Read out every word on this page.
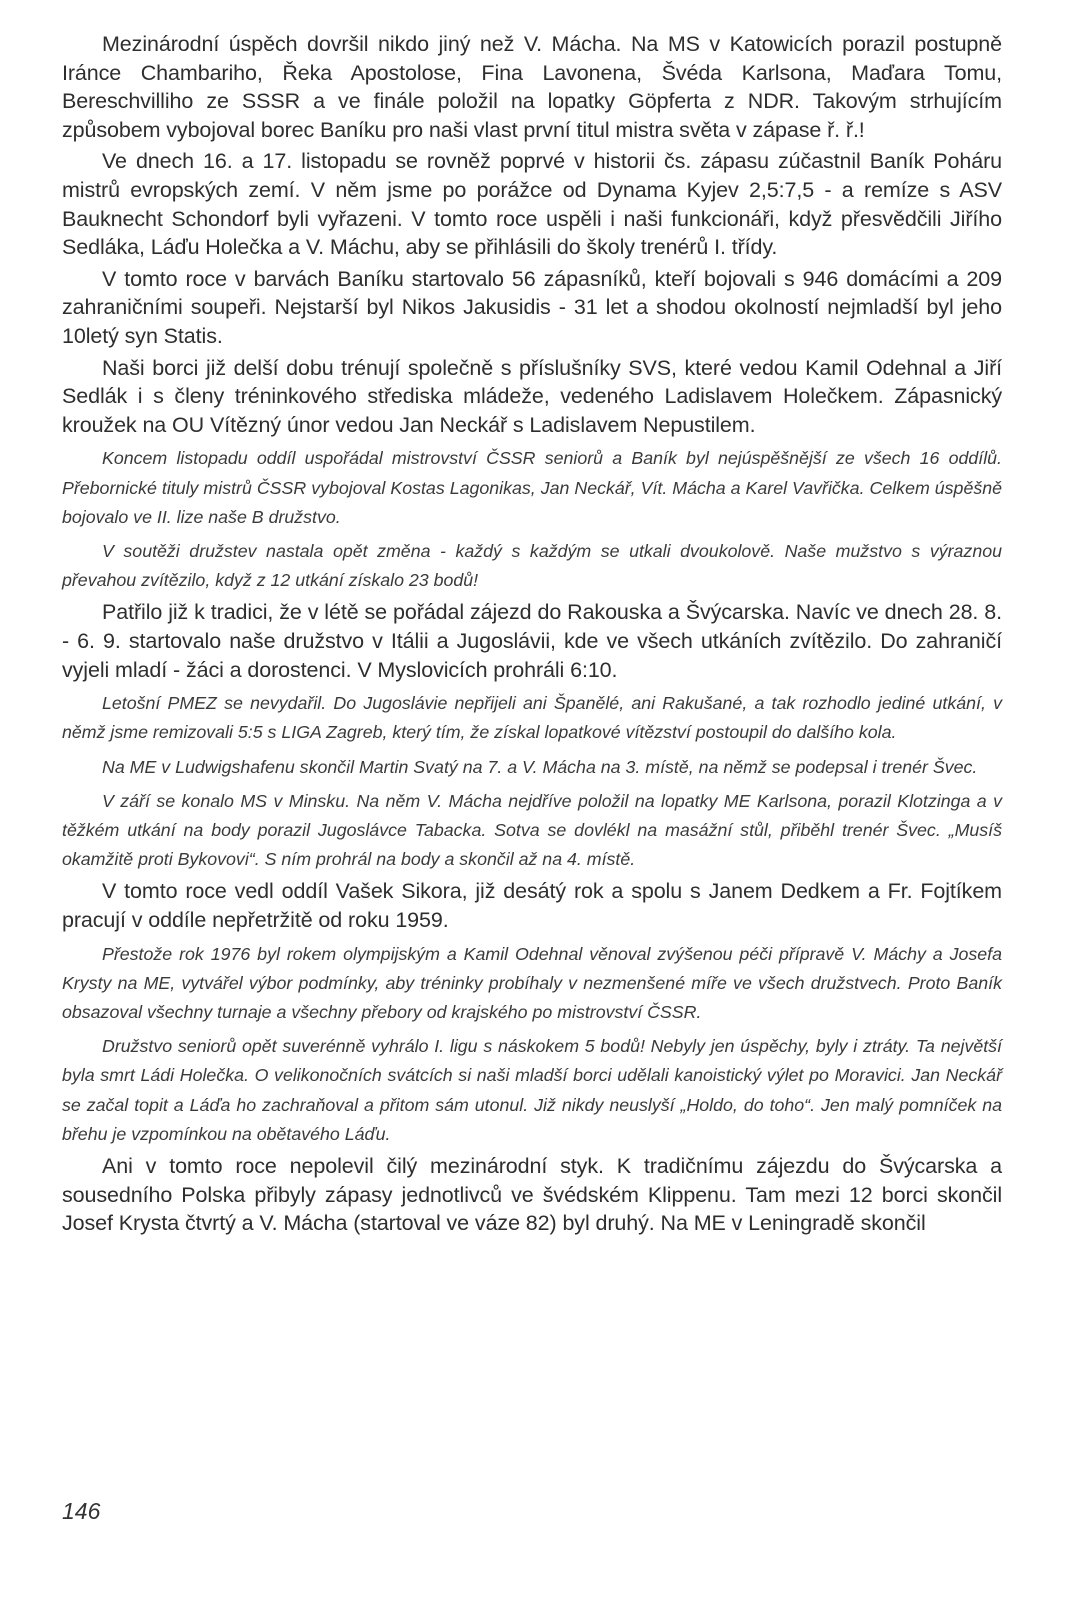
Mezinárodní úspěch dovršil nikdo jiný než V. Mácha. Na MS v Katowicích porazil postupně Iránce Chambariho, Řeka Apostolose, Fina Lavonena, Švéda Karlsona, Maďara Tomu, Bereschvilliho ze SSSR a ve finále položil na lopatky Göpferta z NDR. Takovým strhujícím způsobem vybojoval borec Baníku pro naši vlast první titul mistra světa v zápase ř. ř.!

Ve dnech 16. a 17. listopadu se rovněž poprvé v historii čs. zápasu zúčastnil Baník Poháru mistrů evropských zemí. V něm jsme po porážce od Dynama Kyjev 2,5:7,5 - a remíze s ASV Bauknecht Schondorf byli vyřazeni. V tomto roce uspěli i naši funkcionáři, když přesvědčili Jiřího Sedláka, Láďu Holečka a V. Máchu, aby se přihlásili do školy trenérů I. třídy.

V tomto roce v barvách Baníku startovalo 56 zápasníků, kteří bojovali s 946 domácími a 209 zahraničními soupeři. Nejstarší byl Nikos Jakusidis - 31 let a shodou okolností nejmladší byl jeho 10letý syn Statis.

Naši borci již delší dobu trénují společně s příslušníky SVS, které vedou Kamil Odehnal a Jiří Sedlák i s členy tréninkového střediska mládeže, vedeného Ladislavem Holečkem. Zápasnický kroužek na OU Vítězný únor vedou Jan Neckář s Ladislavem Nepustilem.

Koncem listopadu oddíl uspořádal mistrovství ČSSR seniorů a Baník byl nejúspěšnější ze všech 16 oddílů. Přebornické tituly mistrů ČSSR vybojoval Kostas Lagonikas, Jan Neckář, Vít. Mácha a Karel Vavřička. Celkem úspěšně bojovalo ve II. lize naše B družstvo.

V soutěži družstev nastala opět změna - každý s každým se utkali dvoukolově. Naše mužstvo s výraznou převahou zvítězilo, když z 12 utkání získalo 23 bodů!

Patřilo již k tradici, že v létě se pořádal zájezd do Rakouska a Švýcarska. Navíc ve dnech 28. 8. - 6. 9. startovalo naše družstvo v Itálii a Jugoslávii, kde ve všech utkáních zvítězilo. Do zahraničí vyjeli mladí - žáci a dorostenci. V Myslovicích prohráli 6:10.

Letošní PMEZ se nevydařil. Do Jugoslávie nepřijeli ani Španělé, ani Rakušané, a tak rozhodlo jediné utkání, v němž jsme remizovali 5:5 s LIGA Zagreb, který tím, že získal lopatkové vítězství postoupil do dalšího kola.

Na ME v Ludwigshafenu skončil Martin Svatý na 7. a V. Mácha na 3. místě, na němž se podepsal i trenér Švec.

V září se konalo MS v Minsku. Na něm V. Mácha nejdříve položil na lopatky ME Karlsona, porazil Klotzinga a v těžkém utkání na body porazil Jugoslávce Tabacka. Sotva se dovlékl na masážní stůl, přiběhl trenér Švec. „Musíš okamžitě proti Bykovovi“. S ním prohrál na body a skončil až na 4. místě.

V tomto roce vedl oddíl Vašek Sikora, již desátý rok a spolu s Janem Dedkem a Fr. Fojtíkem pracují v oddíle nepřetržitě od roku 1959.

Přestože rok 1976 byl rokem olympijským a Kamil Odehnal věnoval zvýšenou péči přípravě V. Máchy a Josefa Krysty na ME, vytvářel výbor podmínky, aby tréninky probíhaly v nezmenšené míře ve všech družstvech. Proto Baník obsazoval všechny turnaje a všechny přebory od krajského po mistrovství ČSSR.

Družstvo seniorů opět suverénně vyhrálo I. ligu s náskokem 5 bodů! Nebyly jen úspěchy, byly i ztráty. Ta největší byla smrt Ládi Holečka. O velikonočních svátcích si naši mladší borci udělali kanoistický výlet po Moravici. Jan Neckář se začal topit a Láďa ho zachraňoval a přitom sám utonul. Již nikdy neuslyší „Holdo, do toho“. Jen malý pomníček na břehu je vzpomínkou na obětavého Láďu.

Ani v tomto roce nepolevil čilý mezinárodní styk. K tradičnímu zájezdu do Švýcarska a sousedního Polska přibyly zápasy jednotlivců ve švédském Klippenu. Tam mezi 12 borci skončil Josef Krysta čtvrtý a V. Mácha (startoval ve váze 82) byl druhý. Na ME v Leningradě skončil

146
